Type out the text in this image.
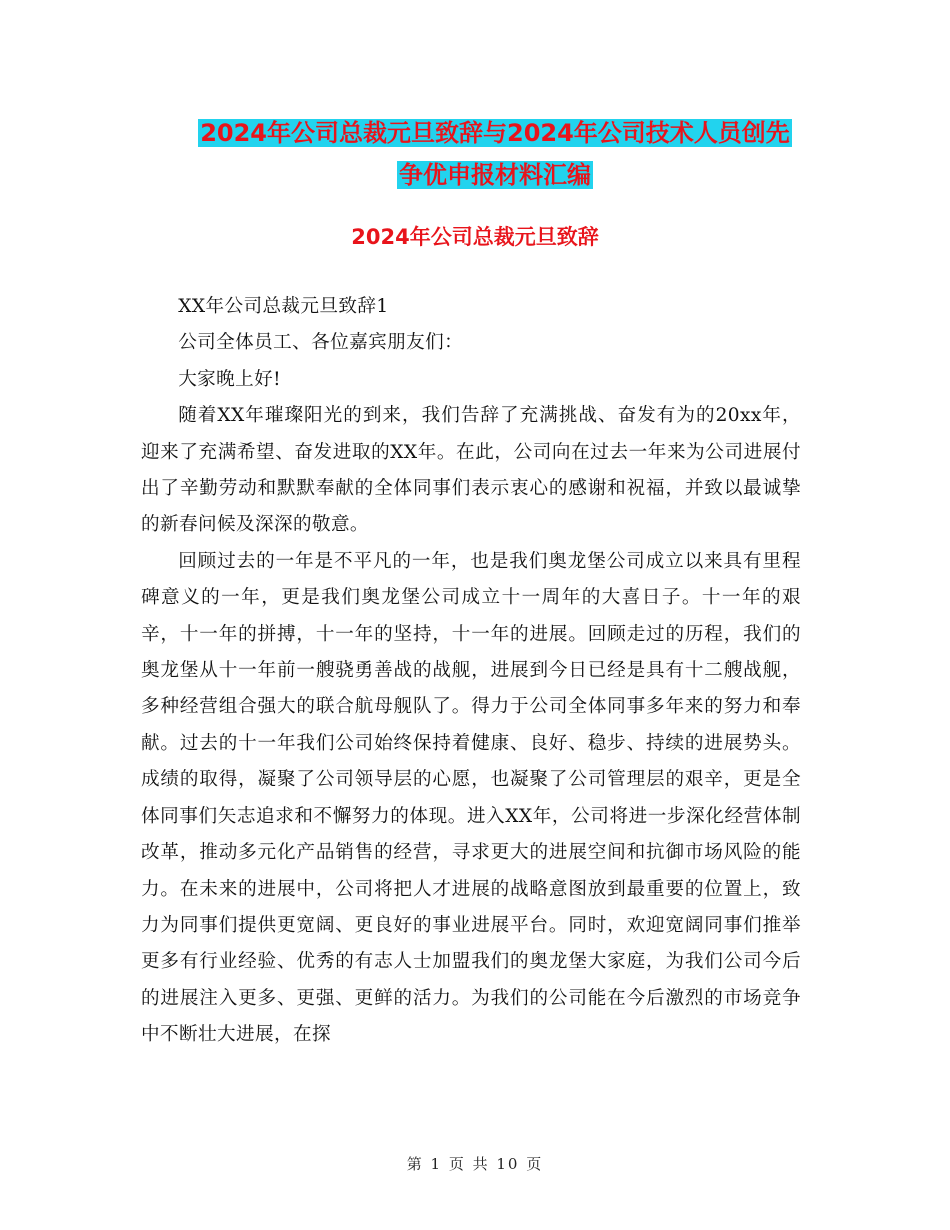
2024年公司总裁元旦致辞与2024年公司技术人员创先
争优申报材料汇编
2024年公司总裁元旦致辞

XX年公司总裁元旦致辞1

公司全体员工、各位嘉宾朋友们：

大家晚上好!

随着XX年璀璨阳光的到来，我们告辞了充满挑战、奋发有为的20xx年，迎来了充满希望、奋发进取的XX年。在此，公司向在过去一年来为公司进展付出了辛勤劳动和默默奉献的全体同事们表示衷心的感谢和祝福，并致以最诚挚的新春问候及深深的敬意。

回顾过去的一年是不平凡的一年，也是我们奥龙堡公司成立以来具有里程碑意义的一年，更是我们奥龙堡公司成立十一周年的大喜日子。十一年的艰辛，十一年的拼搏，十一年的坚持，十一年的进展。回顾走过的历程，我们的奥龙堡从十一年前一艘骁勇善战的战舰，进展到今日已经是具有十二艘战舰，多种经营组合强大的联合航母舰队了。得力于公司全体同事多年来的努力和奉献。过去的十一年我们公司始终保持着健康、良好、稳步、持续的进展势头。成绩的取得，凝聚了公司领导层的心愿，也凝聚了公司管理层的艰辛，更是全体同事们矢志追求和不懈努力的体现。进入XX年，公司将进一步深化经营体制改革，推动多元化产品销售的经营，寻求更大的进展空间和抗御市场风险的能力。在未来的进展中，公司将把人才进展的战略意图放到最重要的位置上，致力为同事们提供更宽阔、更良好的事业进展平台。同时，欢迎宽阔同事们推举更多有行业经验、优秀的有志人士加盟我们的奥龙堡大家庭，为我们公司今后的进展注入更多、更强、更鲜的活力。为我们的公司能在今后激烈的市场竞争中不断壮大进展，在探

第 1 页 共 10 页
